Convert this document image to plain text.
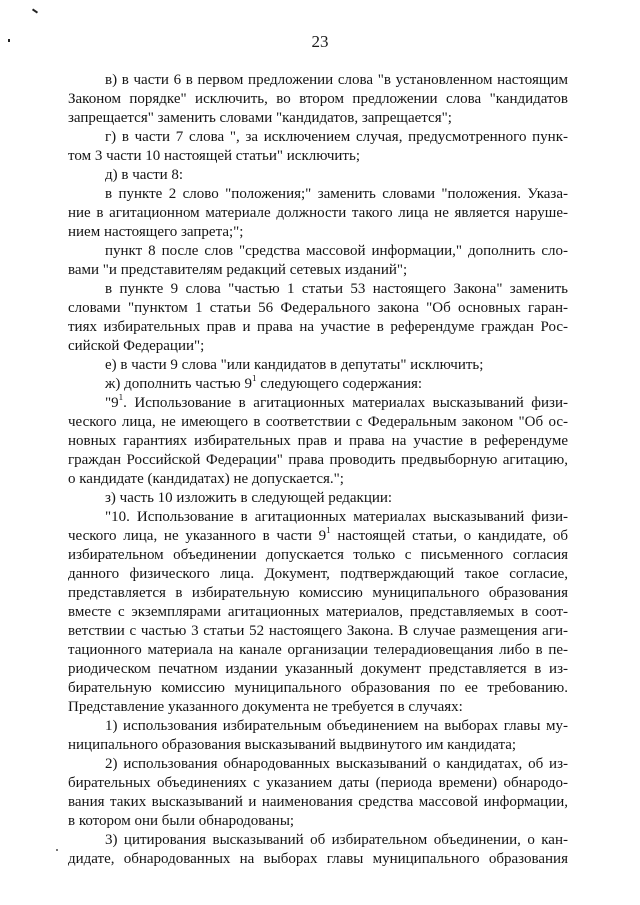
23
в) в части 6 в первом предложении слова "в установленном настоящим
Законом порядке" исключить, во втором предложении слова "кандидатов
запрещается" заменить словами "кандидатов, запрещается";
г) в части 7 слова ", за исключением случая, предусмотренного пунк-
том 3 части 10 настоящей статьи" исключить;
д) в части 8:
в пункте 2 слово "положения;" заменить словами "положения. Указа-
ние в агитационном материале должности такого лица не является наруше-
нием настоящего запрета;";
пункт 8 после слов "средства массовой информации," дополнить сло-
вами "и представителям редакций сетевых изданий";
в пункте 9 слова "частью 1 статьи 53 настоящего Закона" заменить
словами "пунктом 1 статьи 56 Федерального закона "Об основных гаран-
тиях избирательных прав и права на участие в референдуме граждан Рос-
сийской Федерации";
е) в части 9 слова "или кандидатов в депутаты" исключить;
ж) дополнить частью $9^1$ следующего содержания:
"$9^1$. Использование в агитационных материалах высказываний физи-
ческого лица, не имеющего в соответствии с Федеральным законом "Об ос-
новных гарантиях избирательных прав и права на участие в референдуме
граждан Российской Федерации" права проводить предвыборную агитацию,
о кандидате (кандидатах) не допускается.";
з) часть 10 изложить в следующей редакции:
"10. Использование в агитационных материалах высказываний физи-
ческого лица, не указанного в части $9^1$ настоящей статьи, о кандидате, об
избирательном объединении допускается только с письменного согласия
данного физического лица. Документ, подтверждающий такое согласие,
представляется в избирательную комиссию муниципального образования
вместе с экземплярами агитационных материалов, представляемых в соот-
ветствии с частью 3 статьи 52 настоящего Закона. В случае размещения аги-
тационного материала на канале организации телерадиовещания либо в пе-
риодическом печатном издании указанный документ представляется в из-
бирательную комиссию муниципального образования по ее требованию.
Представление указанного документа не требуется в случаях:
1) использования избирательным объединением на выборах главы му-
ниципального образования высказываний выдвинутого им кандидата;
2) использования обнародованных высказываний о кандидатах, об из-
бирательных объединениях с указанием даты (периода времени) обнародо-
вания таких высказываний и наименования средства массовой информации,
в котором они были обнародованы;
3) цитирования высказываний об избирательном объединении, о кан-
дидате, обнародованных на выборах главы муниципального образования
